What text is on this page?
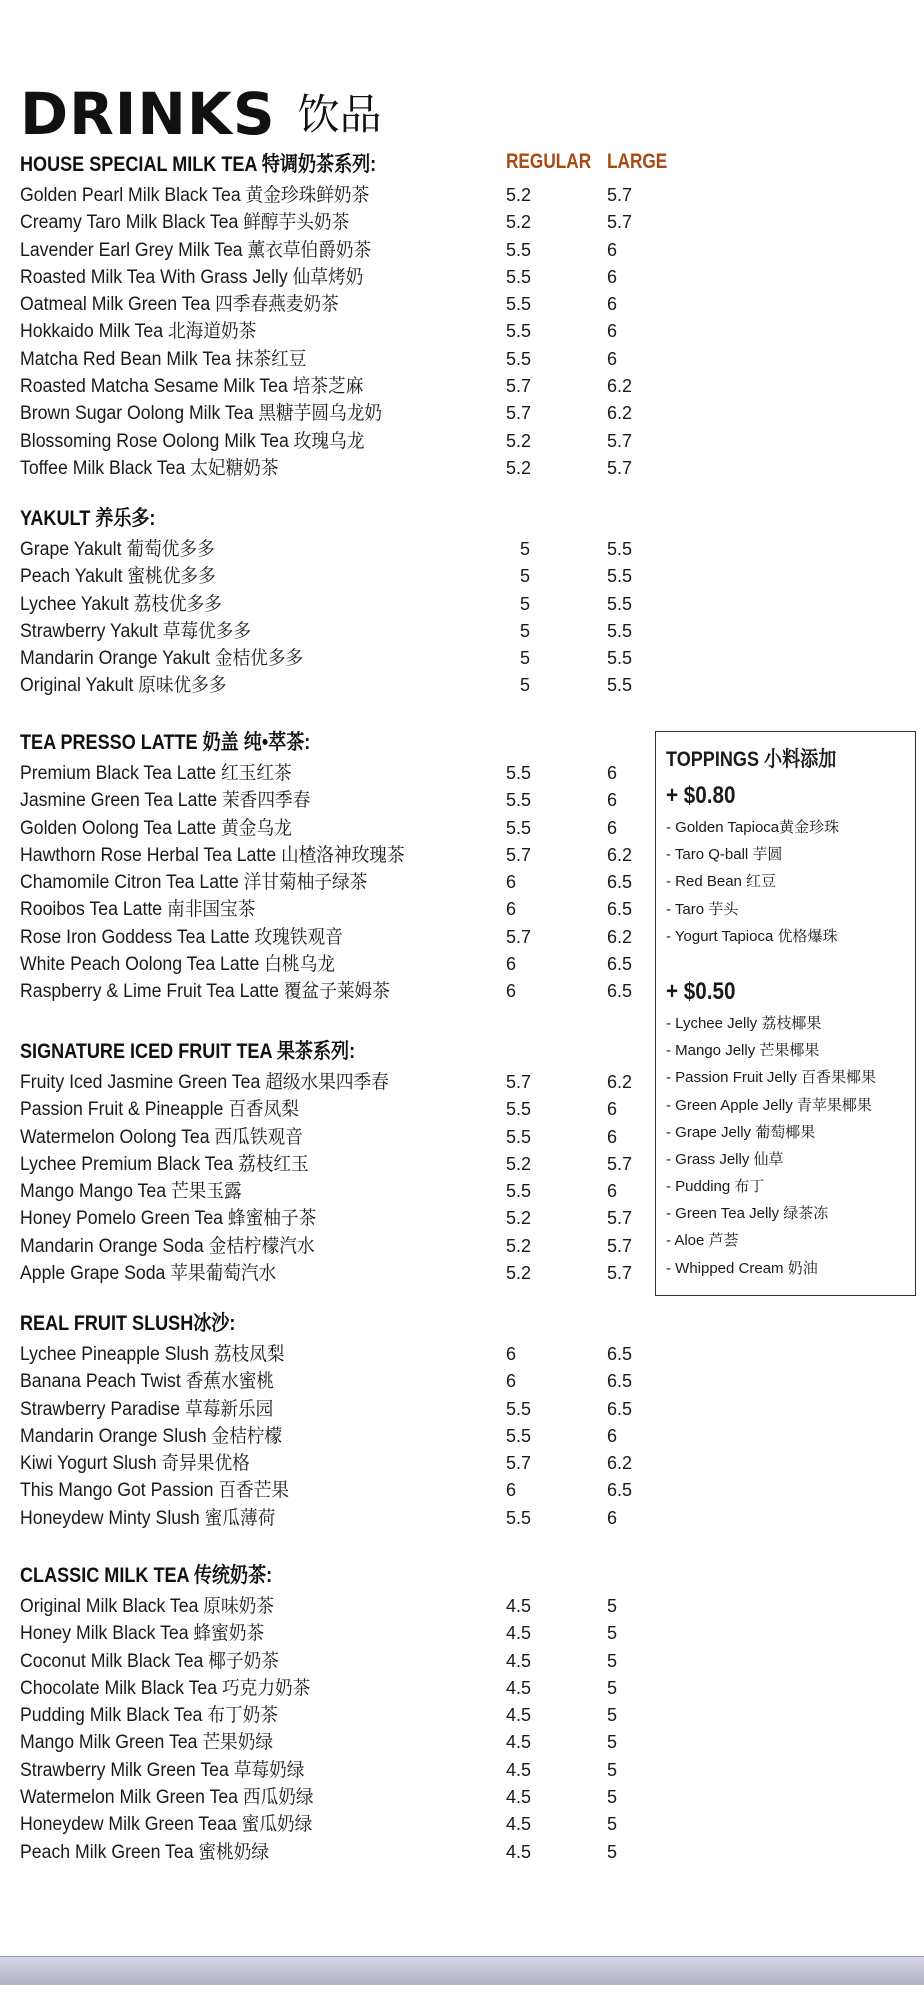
DRINKS 饮品
REGULAR LARGE
HOUSE SPECIAL MILK TEA 特调奶茶系列:
Golden Pearl Milk Black Tea 黄金珍珠鲜奶茶	5.2	5.7
Creamy Taro Milk Black Tea 鲜醇芋头奶茶	5.2	5.7
Lavender Earl Grey Milk Tea 薰衣草伯爵奶茶	5.5	6
Roasted Milk Tea With Grass Jelly 仙草烤奶	5.5	6
Oatmeal Milk Green Tea 四季春燕麦奶茶	5.5	6
Hokkaido Milk Tea 北海道奶茶	5.5	6
Matcha Red Bean Milk Tea 抹茶红豆	5.5	6
Roasted Matcha Sesame Milk Tea 培茶芝麻	5.7	6.2
Brown Sugar Oolong Milk Tea 黑糖芋圆乌龙奶	5.7	6.2
Blossoming Rose Oolong Milk Tea 玫瑰乌龙	5.2	5.7
Toffee Milk Black Tea 太妃糖奶茶	5.2	5.7
YAKULT 养乐多:
Grape Yakult 葡萄优多多	5	5.5
Peach Yakult 蜜桃优多多	5	5.5
Lychee Yakult 荔枝优多多	5	5.5
Strawberry Yakult 草莓优多多	5	5.5
Mandarin Orange Yakult 金桔优多多	5	5.5
Original Yakult 原味优多多	5	5.5
TEA PRESSO LATTE 奶盖 纯•萃茶:
Premium Black Tea Latte 红玉红茶	5.5	6
Jasmine Green Tea Latte 茉香四季春	5.5	6
Golden Oolong Tea Latte 黄金乌龙	5.5	6
Hawthorn Rose Herbal Tea Latte 山楂洛神玫瑰茶	5.7	6.2
Chamomile Citron Tea Latte 洋甘菊柚子绿茶	6	6.5
Rooibos Tea Latte 南非国宝茶	6	6.5
Rose Iron Goddess Tea Latte 玫瑰铁观音	5.7	6.2
White Peach Oolong Tea Latte 白桃乌龙	6	6.5
Raspberry & Lime Fruit Tea Latte 覆盆子莱姆茶	6	6.5
SIGNATURE ICED FRUIT TEA 果茶系列:
Fruity Iced Jasmine Green Tea 超级水果四季春	5.7	6.2
Passion Fruit & Pineapple 百香凤梨	5.5	6
Watermelon Oolong Tea 西瓜铁观音	5.5	6
Lychee Premium Black Tea 荔枝红玉	5.2	5.7
Mango Mango Tea 芒果玉露	5.5	6
Honey Pomelo Green Tea 蜂蜜柚子茶	5.2	5.7
Mandarin Orange Soda 金桔柠檬汽水	5.2	5.7
Apple Grape Soda 苹果葡萄汽水	5.2	5.7
REAL FRUIT SLUSH冰沙:
Lychee Pineapple Slush 荔枝凤梨	6	6.5
Banana Peach Twist 香蕉水蜜桃	6	6.5
Strawberry Paradise 草莓新乐园	5.5	6.5
Mandarin Orange Slush 金桔柠檬	5.5	6
Kiwi Yogurt Slush 奇异果优格	5.7	6.2
This Mango Got Passion 百香芒果	6	6.5
Honeydew Minty Slush 蜜瓜薄荷	5.5	6
CLASSIC MILK TEA 传统奶茶:
Original Milk Black Tea 原味奶茶	4.5	5
Honey Milk Black Tea 蜂蜜奶茶	4.5	5
Coconut Milk Black Tea 椰子奶茶	4.5	5
Chocolate Milk Black Tea 巧克力奶茶	4.5	5
Pudding Milk Black Tea 布丁奶茶	4.5	5
Mango Milk Green Tea 芒果奶绿	4.5	5
Strawberry Milk Green Tea 草莓奶绿	4.5	5
Watermelon Milk Green Tea 西瓜奶绿	4.5	5
Honeydew Milk Green Teaa 蜜瓜奶绿	4.5	5
Peach Milk Green Tea 蜜桃奶绿	4.5	5
TOPPINGS 小料添加
+ $0.80
- Golden Tapioca黄金珍珠
- Taro Q-ball 芋圆
- Red Bean 红豆
- Taro 芋头
- Yogurt Tapioca 优格爆珠
+ $0.50
- Lychee Jelly 荔枝椰果
- Mango Jelly 芒果椰果
- Passion Fruit Jelly 百香果椰果
- Green Apple Jelly 青苹果椰果
- Grape Jelly 葡萄椰果
- Grass Jelly 仙草
- Pudding 布丁
- Green Tea Jelly 绿茶冻
- Aloe 芦荟
- Whipped Cream 奶油
